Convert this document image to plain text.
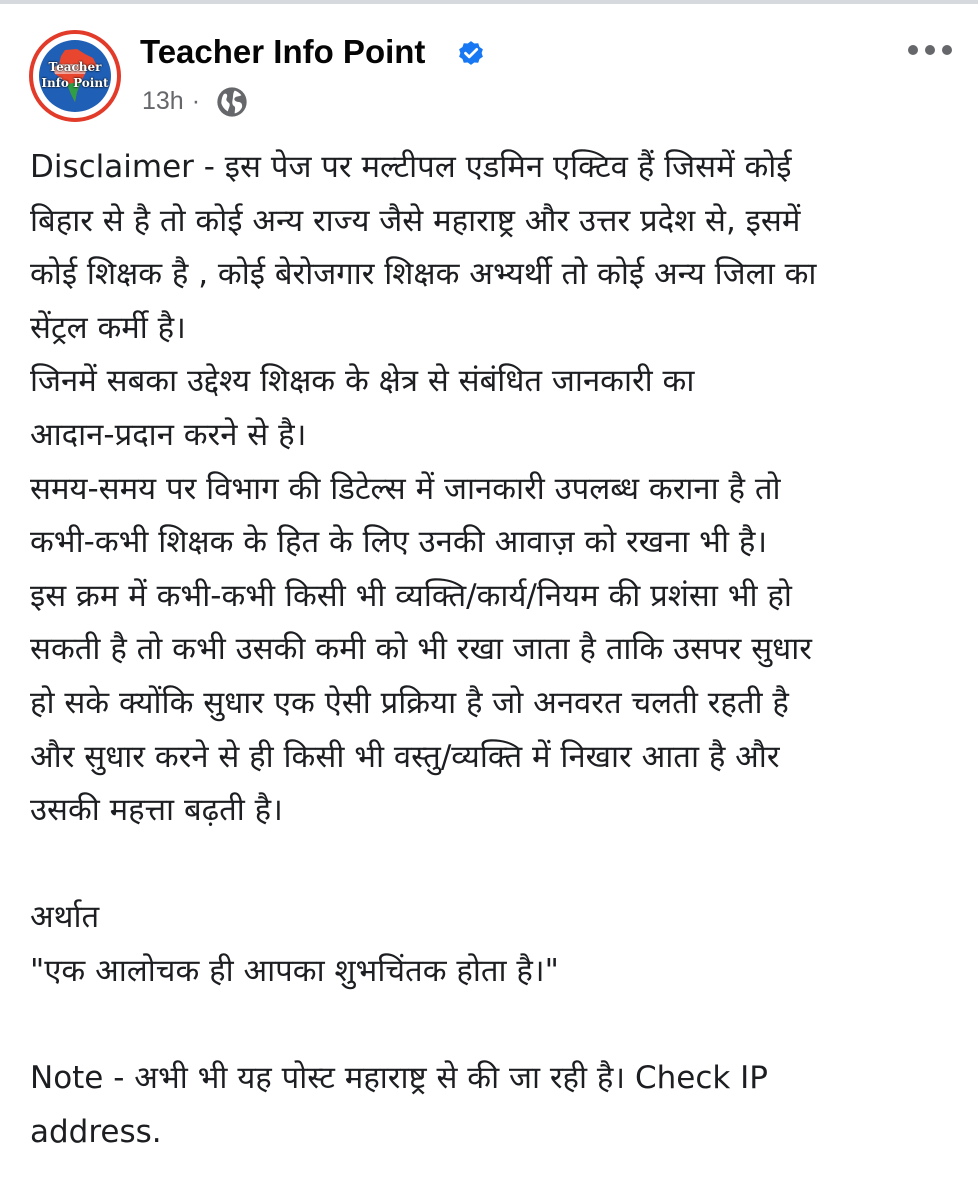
Teacher
Info Point
Teacher Info Point
13h ·
Disclaimer - इस पेज पर मल्टीपल एडमिन एक्टिव हैं जिसमें कोई
बिहार से है तो कोई अन्य राज्य जैसे महाराष्ट्र और उत्तर प्रदेश से, इसमें
कोई शिक्षक है , कोई बेरोजगार शिक्षक अभ्यर्थी तो कोई अन्य जिला का
सेंट्रल कर्मी है।
जिनमें सबका उद्देश्य शिक्षक के क्षेत्र से संबंधित जानकारी का
आदान-प्रदान करने से है।
समय-समय पर विभाग की डिटेल्स में जानकारी उपलब्ध कराना है तो
कभी-कभी शिक्षक के हित के लिए उनकी आवाज़ को रखना भी है।
इस क्रम में कभी-कभी किसी भी व्यक्ति/कार्य/नियम की प्रशंसा भी हो
सकती है तो कभी उसकी कमी को भी रखा जाता है ताकि उसपर सुधार
हो सके क्योंकि सुधार एक ऐसी प्रक्रिया है जो अनवरत चलती रहती है
और सुधार करने से ही किसी भी वस्तु/व्यक्ति में निखार आता है और
उसकी महत्ता बढ़ती है।
अर्थात
"एक आलोचक ही आपका शुभचिंतक होता है।"
Note - अभी भी यह पोस्ट महाराष्ट्र से की जा रही है। Check IP
address.
